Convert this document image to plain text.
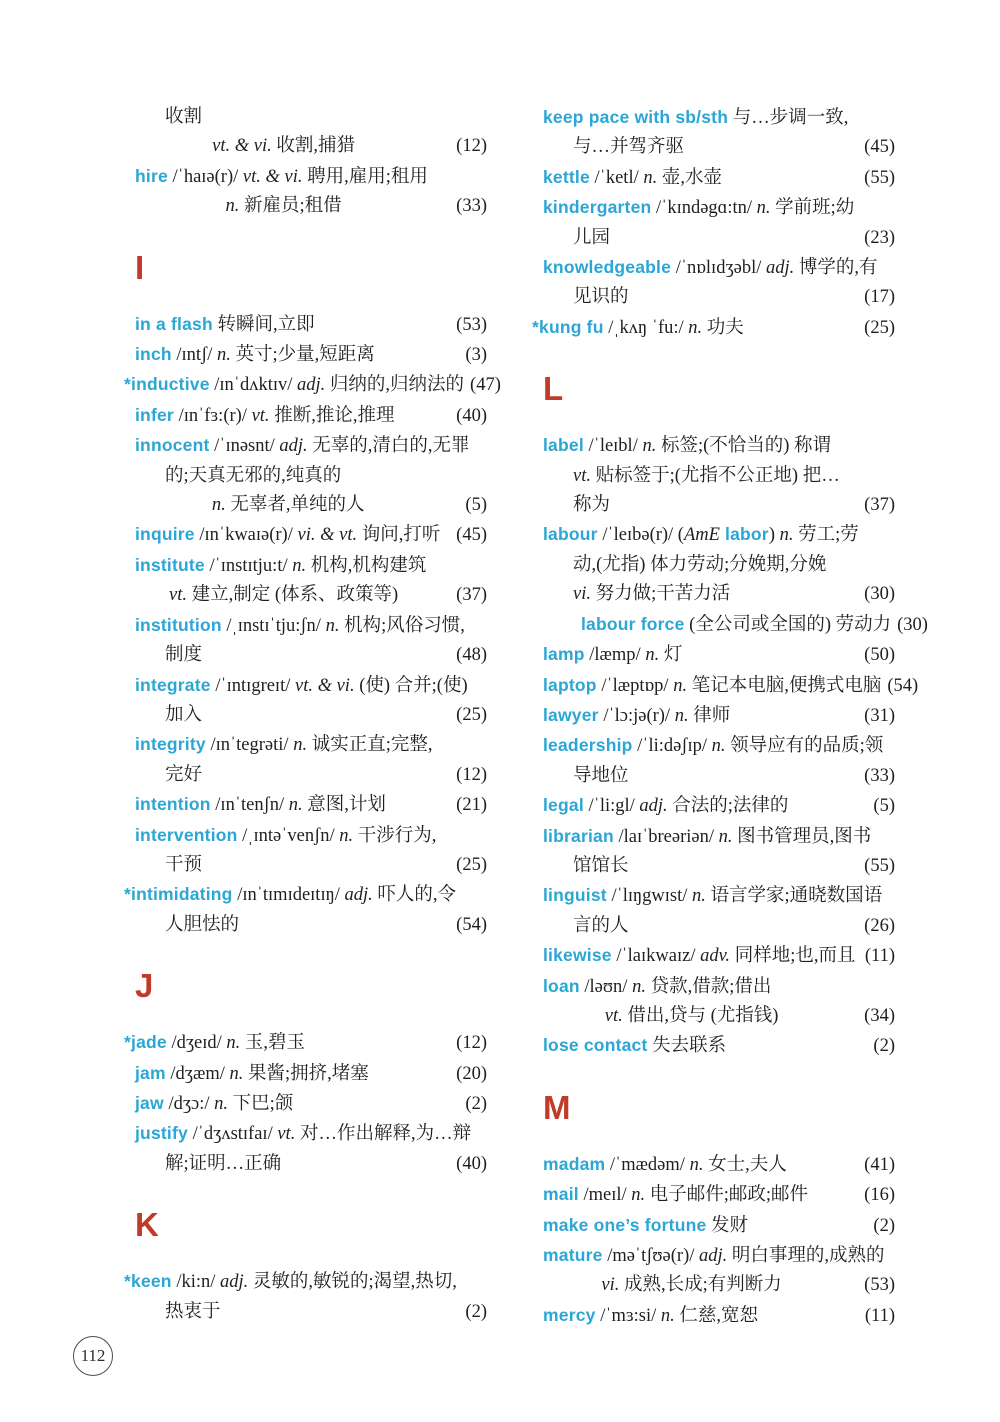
收割
vt. & vi. 收割,捕猎	(12)
hire /ˈhaɪə(r)/ vt. & vi. 聘用,雇用;租用
n. 新雇员;租借	(33)
I
in a flash 转瞬间,立即	(53)
inch /ɪntʃ/ n. 英寸;少量,短距离	(3)
*inductive /ɪnˈdʌktɪv/ adj. 归纳的,归纳法的 (47)
infer /ɪnˈfɜ:(r)/ vt. 推断,推论,推理	(40)
innocent /ˈɪnəsnt/ adj. 无辜的,清白的,无罪
的;天真无邪的,纯真的
n. 无辜者,单纯的人	(5)
inquire /ɪnˈkwaɪə(r)/ vi. & vt. 询问,打听 (45)
institute /ˈɪnstɪtju:t/ n. 机构,机构建筑
vt. 建立,制定 (体系、政策等)	(37)
institution /ˌɪnstɪˈtju:ʃn/ n. 机构;风俗习惯,
制度	(48)
integrate /ˈɪntɪgreɪt/ vt. & vi. (使) 合并;(使)
加入	(25)
integrity /ɪnˈtegrəti/ n. 诚实正直;完整,
完好	(12)
intention /ɪnˈtenʃn/ n. 意图,计划	(21)
intervention /ˌɪntəˈvenʃn/ n. 干涉行为,
干预	(25)
*intimidating /ɪnˈtɪmɪdeɪtɪŋ/ adj. 吓人的,令
人胆怯的	(54)
J
*jade /dʒeɪd/ n. 玉,碧玉	(12)
jam /dʒæm/ n. 果酱;拥挤,堵塞	(20)
jaw /dʒɔ:/ n. 下巴;颌	(2)
justify /ˈdʒʌstɪfaɪ/ vt. 对…作出解释,为…辩
解;证明…正确	(40)
K
*keen /ki:n/ adj. 灵敏的,敏锐的;渴望,热切,
热衷于	(2)
keep pace with sb/sth 与…步调一致,
与…并驾齐驱	(45)
kettle /ˈketl/ n. 壶,水壶	(55)
kindergarten /ˈkɪndəgɑ:tn/ n. 学前班;幼
儿园	(23)
knowledgeable /ˈnɒlɪdʒəbl/ adj. 博学的,有
见识的	(17)
*kung fu /ˌkʌŋ ˈfu:/ n. 功夫	(25)
L
label /ˈleɪbl/ n. 标签;(不恰当的) 称谓
vt. 贴标签于;(尤指不公正地) 把…
称为	(37)
labour /ˈleɪbə(r)/ (AmE labor) n. 劳工;劳
动,(尤指) 体力劳动;分娩期,分娩
vi. 努力做;干苦力活	(30)
labour force (全公司或全国的) 劳动力 (30)
lamp /læmp/ n. 灯	(50)
laptop /ˈlæptɒp/ n. 笔记本电脑,便携式电脑 (54)
lawyer /ˈlɔ:jə(r)/ n. 律师	(31)
leadership /ˈli:dəʃɪp/ n. 领导应有的品质;领
导地位	(33)
legal /ˈli:gl/ adj. 合法的;法律的	(5)
librarian /laɪˈbreəriən/ n. 图书管理员,图书
馆馆长	(55)
linguist /ˈlɪŋgwɪst/ n. 语言学家;通晓数国语
言的人	(26)
likewise /ˈlaɪkwaɪz/ adv. 同样地;也,而且 (11)
loan /ləʊn/ n. 贷款,借款;借出
vt. 借出,贷与 (尤指钱)	(34)
lose contact 失去联系	(2)
M
madam /ˈmædəm/ n. 女士,夫人	(41)
mail /meɪl/ n. 电子邮件;邮政;邮件	(16)
make one’s fortune 发财	(2)
mature /məˈtʃʊə(r)/ adj. 明白事理的,成熟的
vi. 成熟,长成;有判断力	(53)
mercy /ˈmɜ:si/ n. 仁慈,宽恕	(11)
112
